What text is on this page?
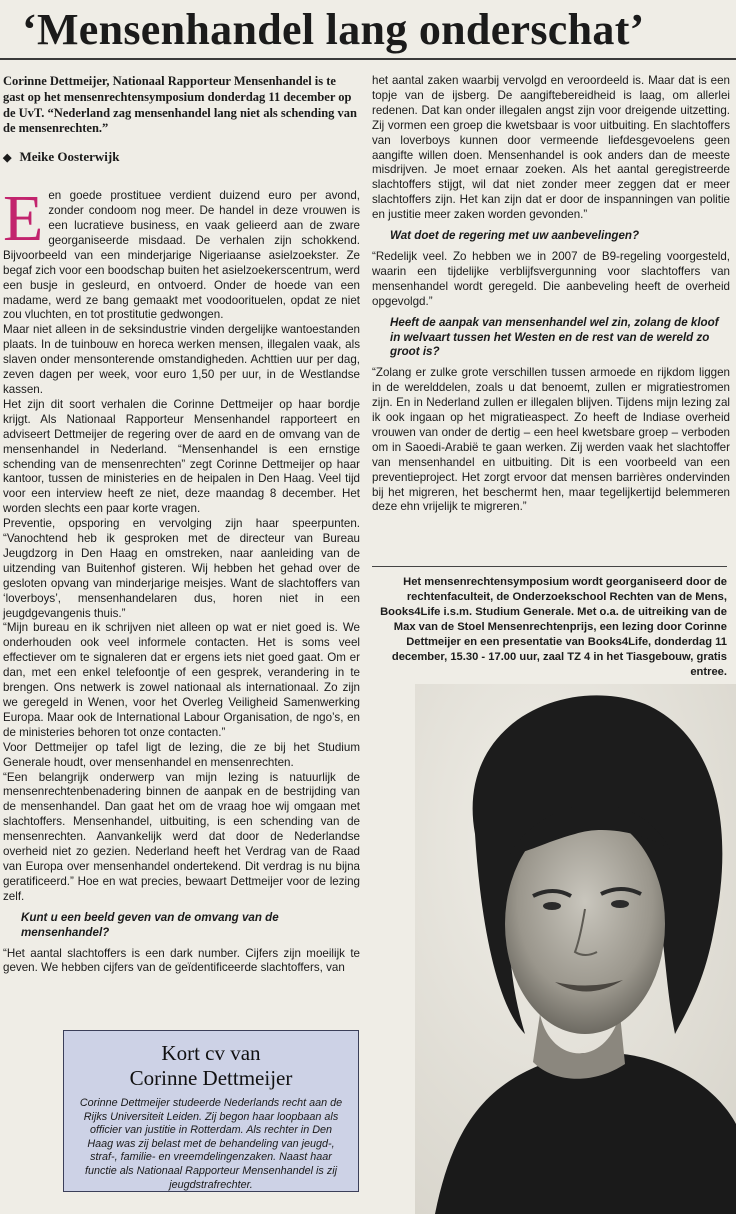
‘Mensenhandel lang onderschat’

Corinne Dettmeijer, Nationaal Rapporteur Mensenhandel is te gast op het mensenrechtensymposium donderdag 11 december op de UvT. “Nederland zag mensenhandel lang niet als schending van de mensenrechten.”

◆ Meike Oosterwijk

Een goede prostituee verdient duizend euro per avond, zonder condoom nog meer. De handel in deze vrouwen is een lucratieve business, en vaak gelieerd aan de zware georganiseerde misdaad. De verhalen zijn schokkend. Bijvoorbeeld van een minderjarige Nigeriaanse asielzoekster. Ze begaf zich voor een boodschap buiten het asielzoekerscentrum, werd een busje in gesleurd, en ontvoerd. Onder de hoede van een madame, werd ze bang gemaakt met voodoorituelen, opdat ze niet zou vluchten, en tot prostitutie gedwongen.

Maar niet alleen in de seksindustrie vinden dergelijke wantoestanden plaats. In de tuinbouw en horeca werken mensen, illegalen vaak, als slaven onder mensonterende omstandigheden. Achttien uur per dag, zeven dagen per week, voor euro 1,50 per uur, in de Westlandse kassen.

Het zijn dit soort verhalen die Corinne Dettmeijer op haar bordje krijgt. Als Nationaal Rapporteur Mensenhandel rapporteert en adviseert Dettmeijer de regering over de aard en de omvang van de mensenhandel in Nederland. “Mensenhandel is een ernstige schending van de mensenrechten” zegt Corinne Dettmeijer op haar kantoor, tussen de ministeries en de heipalen in Den Haag. Veel tijd voor een interview heeft ze niet, deze maandag 8 december. Het worden slechts een paar korte vragen.

Preventie, opsporing en vervolging zijn haar speerpunten. “Vanochtend heb ik gesproken met de directeur van Bureau Jeugdzorg in Den Haag en omstreken, naar aanleiding van de uitzending van Buitenhof gisteren. Wij hebben het gehad over de gesloten opvang van minderjarige meisjes. Want de slachtoffers van ‘loverboys’, mensenhandelaren dus, horen niet in een jeugdgevangenis thuis.”

“Mijn bureau en ik schrijven niet alleen op wat er niet goed is. We onderhouden ook veel informele contacten. Het is soms veel effectiever om te signaleren dat er ergens iets niet goed gaat. Om er dan, met een enkel telefoontje of een gesprek, verandering in te brengen. Ons netwerk is zowel nationaal als internationaal. Zo zijn we geregeld in Wenen, voor het Overleg Veiligheid Samenwerking Europa. Maar ook de International Labour Organisation, de ngo’s, en de ministeries behoren tot onze contacten.”

Voor Dettmeijer op tafel ligt de lezing, die ze bij het Studium Generale houdt, over mensenhandel en mensenrechten.

“Een belangrijk onderwerp van mijn lezing is natuurlijk de mensenrechtenbenadering binnen de aanpak en de bestrijding van de mensenhandel. Dan gaat het om de vraag hoe wij omgaan met slachtoffers. Mensenhandel, uitbuiting, is een schending van de mensenrechten. Aanvankelijk werd dat door de Nederlandse overheid niet zo gezien. Nederland heeft het Verdrag van de Raad van Europa over mensenhandel ondertekend. Dit verdrag is nu bijna geratificeerd.” Hoe en wat precies, bewaart Dettmeijer voor de lezing zelf.

Kunt u een beeld geven van de omvang van de mensenhandel?

“Het aantal slachtoffers is een dark number. Cijfers zijn moeilijk te geven. We hebben cijfers van de geïdentificeerde slachtoffers, van

het aantal zaken waarbij vervolgd en veroordeeld is. Maar dat is een topje van de ijsberg. De aangiftebereidheid is laag, om allerlei redenen. Dat kan onder illegalen angst zijn voor dreigende uitzetting. Zij vormen een groep die kwetsbaar is voor uitbuiting. En slachtoffers van loverboys kunnen door vermeende liefdesgevoelens geen aangifte willen doen. Mensenhandel is ook anders dan de meeste misdrijven. Je moet ernaar zoeken. Als het aantal geregistreerde slachtoffers stijgt, wil dat niet zonder meer zeggen dat er meer slachtoffers zijn. Het kan zijn dat er door de inspanningen van politie en justitie meer zaken worden gevonden.”

Wat doet de regering met uw aanbevelingen?

“Redelijk veel. Zo hebben we in 2007 de B9-regeling voorgesteld, waarin een tijdelijke verblijfsvergunning voor slachtoffers van mensenhandel wordt geregeld. Die aanbeveling heeft de overheid opgevolgd.”

Heeft de aanpak van mensenhandel wel zin, zolang de kloof in welvaart tussen het Westen en de rest van de wereld zo groot is?

“Zolang er zulke grote verschillen tussen armoede en rijkdom liggen in de werelddelen, zoals u dat benoemt, zullen er migratiestromen zijn. En in Nederland zullen er illegalen blijven. Tijdens mijn lezing zal ik ook ingaan op het migratieaspect. Zo heeft de Indiase overheid vrouwen van onder de dertig – een heel kwetsbare groep – verboden om in Saoedi-Arabië te gaan werken. Zij werden vaak het slachtoffer van mensenhandel en uitbuiting. Dit is een voorbeeld van een preventieproject. Het zorgt ervoor dat mensen barrières ondervinden bij het migreren, het beschermt hen, maar tegelijkertijd belemmeren deze ehn vrijelijk te migreren.”

Het mensenrechtensymposium wordt georganiseerd door de rechtenfaculteit, de Onderzoekschool Rechten van de Mens, Books4Life i.s.m. Studium Generale. Met o.a. de uitreiking van de Max van de Stoel Mensenrechtenprijs, een lezing door Corinne Dettmeijer en een presentatie van Books4Life, donderdag 11 december, 15.30 - 17.00 uur, zaal TZ 4 in het Tiasgebouw, gratis entree.
Kort cv van
Corinne Dettmeijer

Corinne Dettmeijer studeerde Nederlands recht aan de Rijks Universiteit Leiden. Zij begon haar loopbaan als officier van justitie in Rotterdam. Als rechter in Den Haag was zij belast met de behandeling van jeugd-, straf-, familie- en vreemdelingenzaken. Naast haar functie als Nationaal Rapporteur Mensenhandel is zij jeugdstrafrechter.
